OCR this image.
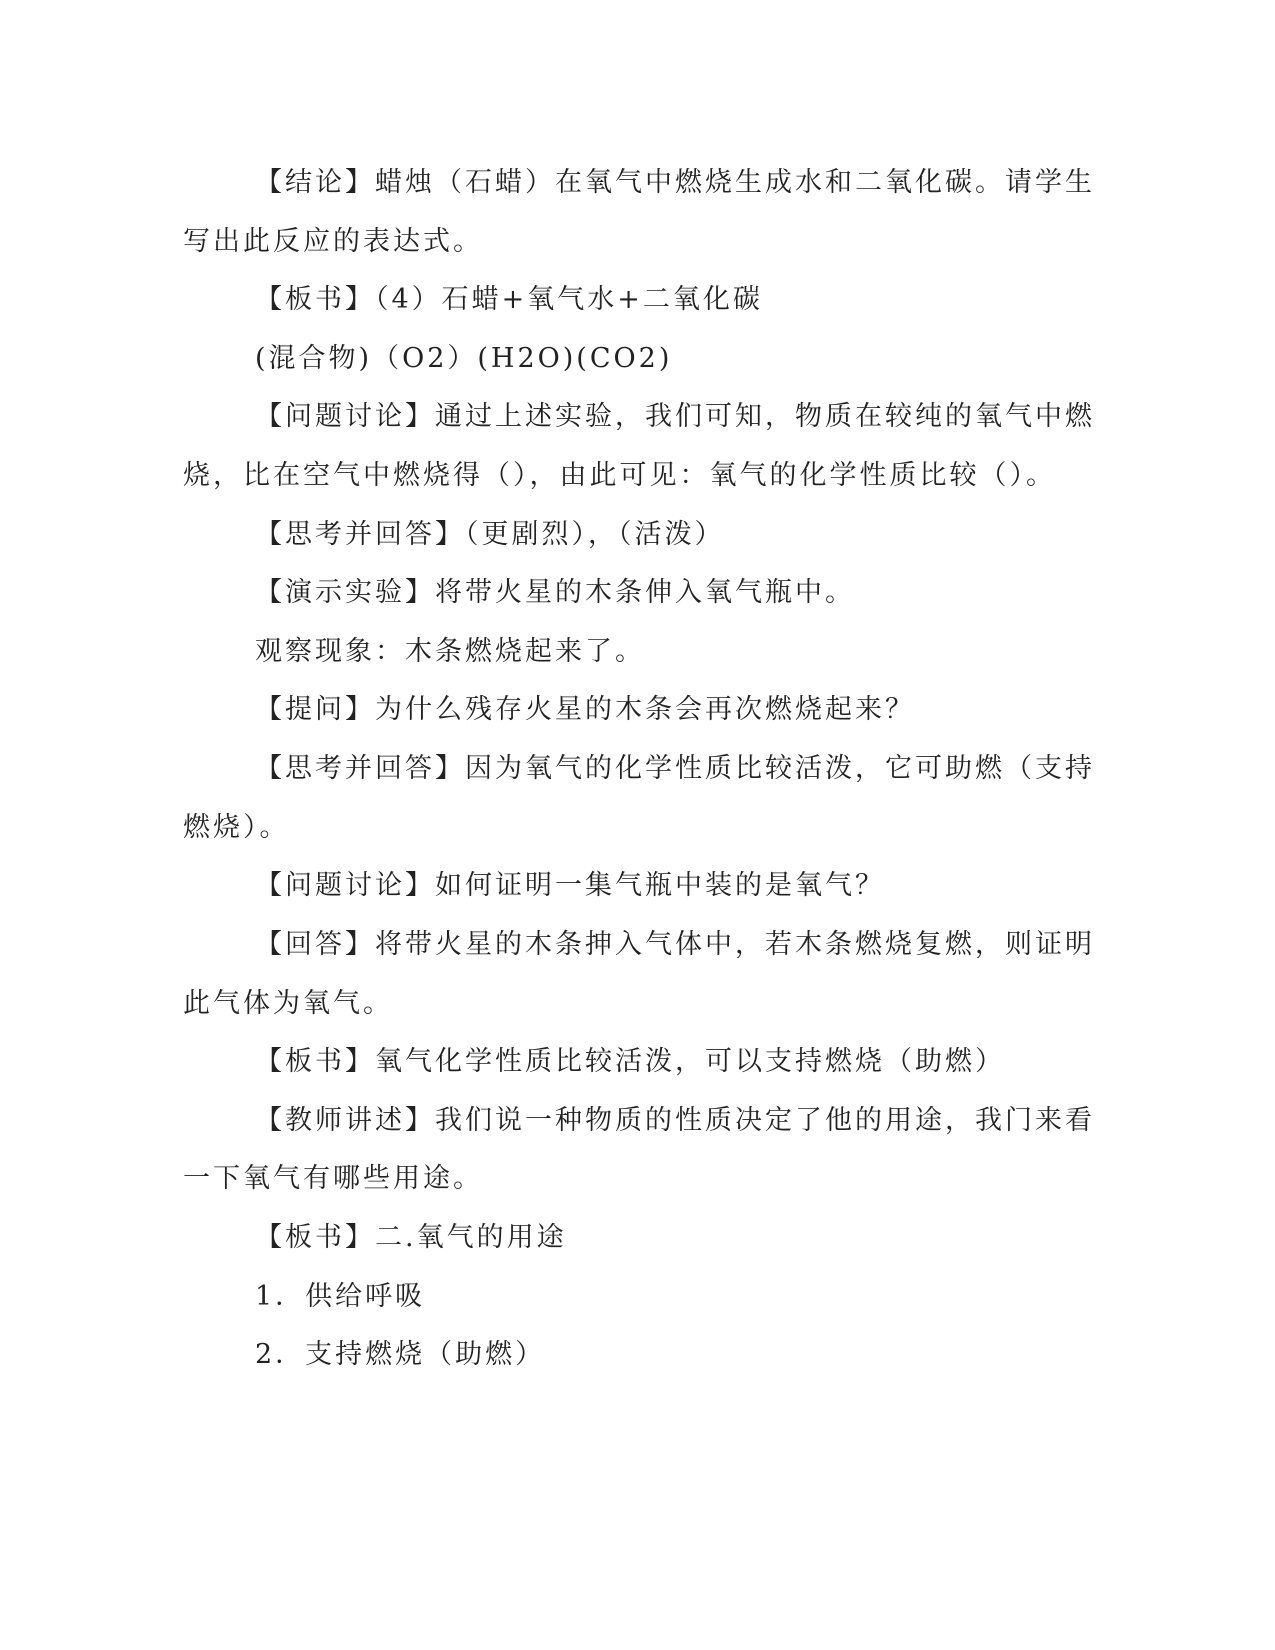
【结论】蜡烛（石蜡）在氧气中燃烧生成水和二氧化碳。请学生
写出此反应的表达式。
【板书】（4）石蜡+氧气水+二氧化碳
(混合物)（O2）(H2O)(CO2)
【问题讨论】通过上述实验，我们可知，物质在较纯的氧气中燃
烧，比在空气中燃烧得（），由此可见：氧气的化学性质比较（）。
【思考并回答】（更剧烈），（活泼）
【演示实验】将带火星的木条伸入氧气瓶中。
观察现象：木条燃烧起来了。
【提问】为什么残存火星的木条会再次燃烧起来？
【思考并回答】因为氧气的化学性质比较活泼，它可助燃（支持
燃烧）。
【问题讨论】如何证明一集气瓶中装的是氧气？
【回答】将带火星的木条抻入气体中，若木条燃烧复燃，则证明
此气体为氧气。
【板书】氧气化学性质比较活泼，可以支持燃烧（助燃）
【教师讲述】我们说一种物质的性质决定了他的用途，我门来看
一下氧气有哪些用途。
【板书】二.氧气的用途
1．供给呼吸
2．支持燃烧（助燃）
